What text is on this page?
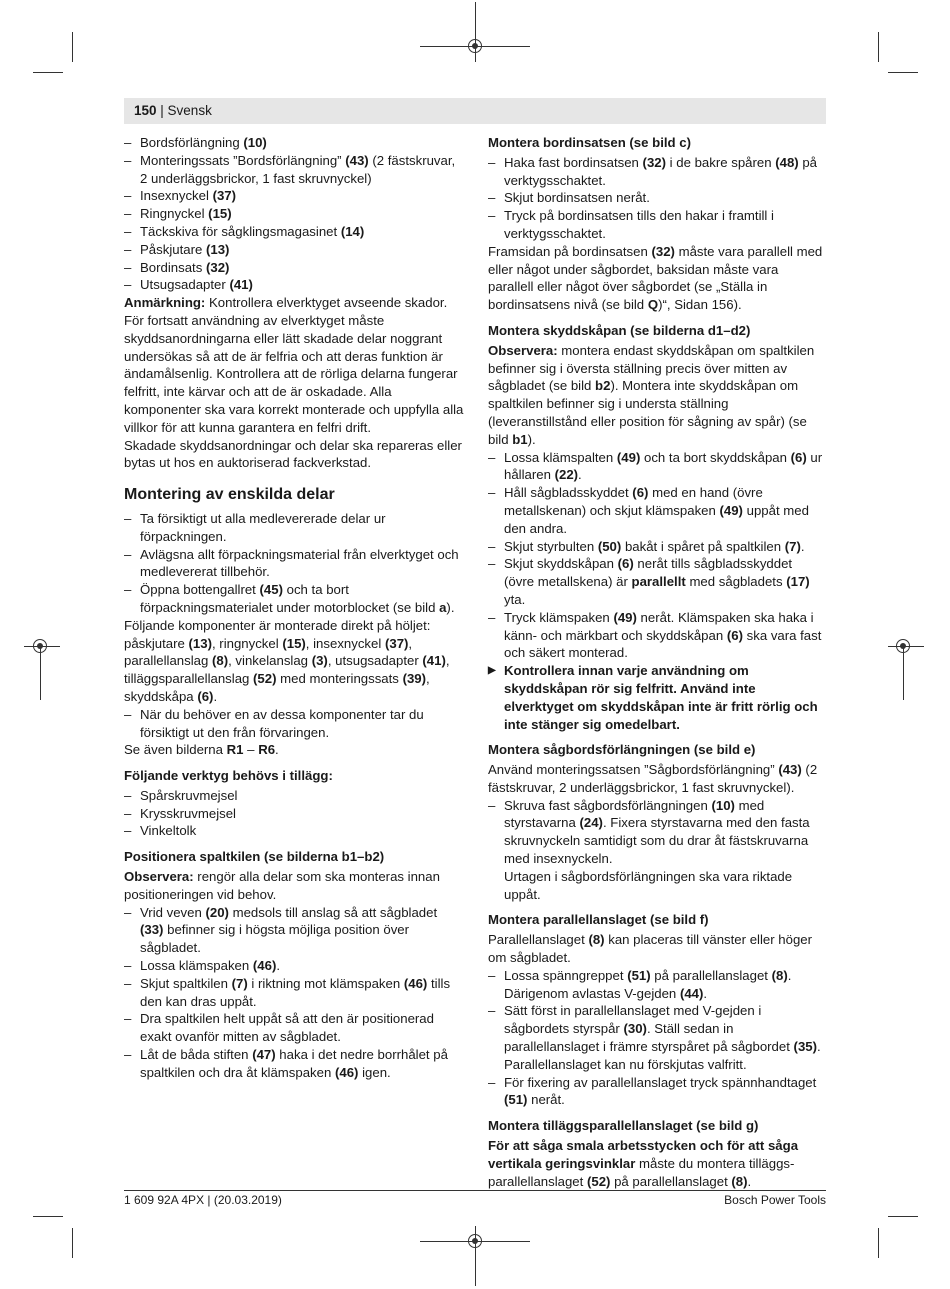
150 | Svensk
– Bordsförlängning (10)
– Monteringssats ”Bordsförlängning” (43) (2 fästskruvar, 2 underläggsbrickor, 1 fast skruvnyckel)
– Insexnyckel (37)
– Ringnyckel (15)
– Täckskiva för sågklingsmagasinet (14)
– Påskjutare (13)
– Bordinsats (32)
– Utsugsadapter (41)
Anmärkning: Kontrollera elverktyget avseende skador.
För fortsatt användning av elverktyget måste skyddsanordningarna eller lätt skadade delar noggrant undersökas så att de är felfria och att deras funktion är ändamålsenlig. Kontrollera att de rörliga delarna fungerar felfritt, inte kärvar och att de är oskadade. Alla komponenter ska vara korrekt monterade och uppfylla alla villkor för att kunna garantera en felfri drift.
Skadade skyddsanordningar och delar ska repareras eller bytas ut hos en auktoriserad fackverkstad.
Montering av enskilda delar
– Ta försiktigt ut alla medlevererade delar ur förpackningen.
– Avlägsna allt förpackningsmaterial från elverktyget och medlevererat tillbehör.
– Öppna bottengallret (45) och ta bort förpackningsmaterialet under motorblocket (se bild a).
Följande komponenter är monterade direkt på höljet: påskjutare (13), ringnyckel (15), insexnyckel (37), parallellanslag (8), vinkelanslag (3), utsugsadapter (41), tilläggsparallellanslag (52) med monteringssats (39), skyddskåpa (6).
– När du behöver en av dessa komponenter tar du försiktigt ut den från förvaringen.
Se även bilderna R1 – R6.
Följande verktyg behövs i tillägg:
– Spårskruvmejsel
– Krysskruvmejsel
– Vinkeltolk
Positionera spaltkilen (se bilderna b1–b2)
Observera: rengör alla delar som ska monteras innan positioneringen vid behov.
– Vrid veven (20) medsols till anslag så att sågbladet (33) befinner sig i högsta möjliga position över sågbladet.
– Lossa klämspaken (46).
– Skjut spaltkilen (7) i riktning mot klämspaken (46) tills den kan dras uppåt.
– Dra spaltkilen helt uppåt så att den är positionerad exakt ovanför mitten av sågbladet.
– Låt de båda stiften (47) haka i det nedre borrhålet på spaltkilen och dra åt klämspaken (46) igen.
Montera bordinsatsen (se bild c)
– Haka fast bordinsatsen (32) i de bakre spåren (48) på verktygsschaktet.
– Skjut bordinsatsen neråt.
– Tryck på bordinsatsen tills den hakar i framtill i verktygsschaktet.
Framsidan på bordinsatsen (32) måste vara parallell med eller något under sågbordet, baksidan måste vara parallell eller något över sågbordet (se „Ställa in bordinsatsens nivå (se bild Q)“, Sidan 156).
Montera skyddskåpan (se bilderna d1–d2)
Observera: montera endast skyddskåpan om spaltkilen befinner sig i översta ställning precis över mitten av sågbladet (se bild b2). Montera inte skyddskåpan om spaltkilen befinner sig i understa ställning (leveranstillstånd eller position för sågning av spår) (se bild b1).
– Lossa klämspalten (49) och ta bort skyddskåpan (6) ur hållaren (22).
– Håll sågbladsskyddet (6) med en hand (övre metallskenan) och skjut klämspaken (49) uppåt med den andra.
– Skjut styrbulten (50) bakåt i spåret på spaltkilen (7).
– Skjut skyddskåpan (6) neråt tills sågbladsskyddet (övre metallskena) är parallellt med sågbladets (17) yta.
– Tryck klämspaken (49) neråt. Klämspaken ska haka i känn- och märkbart och skyddskåpan (6) ska vara fast och säkert monterad.
▶ Kontrollera innan varje användning om skyddskåpan rör sig felfritt. Använd inte elverktyget om skyddskåpan inte är fritt rörlig och inte stänger sig omedelbart.
Montera sågbordsförlängningen (se bild e)
Använd monteringssatsen ”Sågbordsförlängning” (43) (2 fästskruvar, 2 underläggsbrickor, 1 fast skruvnyckel).
– Skruva fast sågbordsförlängningen (10) med styrstavarna (24). Fixera styrstavarna med den fasta skruvnyckeln samtidigt som du drar åt fästskruvarna med insexnyckeln.
Urtagen i sågbordsförlängningen ska vara riktade uppåt.
Montera parallellanslaget (se bild f)
Parallellanslaget (8) kan placeras till vänster eller höger om sågbladet.
– Lossa spänngreppet (51) på parallellanslaget (8).
Därigenom avlastas V-gejden (44).
– Sätt först in parallellanslaget med V-gejden i sågbordets styrspår (30). Ställ sedan in parallellanslaget i främre styrspåret på sågbordet (35).
Parallellanslaget kan nu förskjutas valfritt.
– För fixering av parallellanslaget tryck spännhandtaget (51) neråt.
Montera tilläggsparallellanslaget (se bild g)
För att såga smala arbetsstycken och för att såga vertikala geringsvinklar måste du montera tilläggs-parallellanslaget (52) på parallellanslaget (8).
1 609 92A 4PX | (20.03.2019)	Bosch Power Tools
